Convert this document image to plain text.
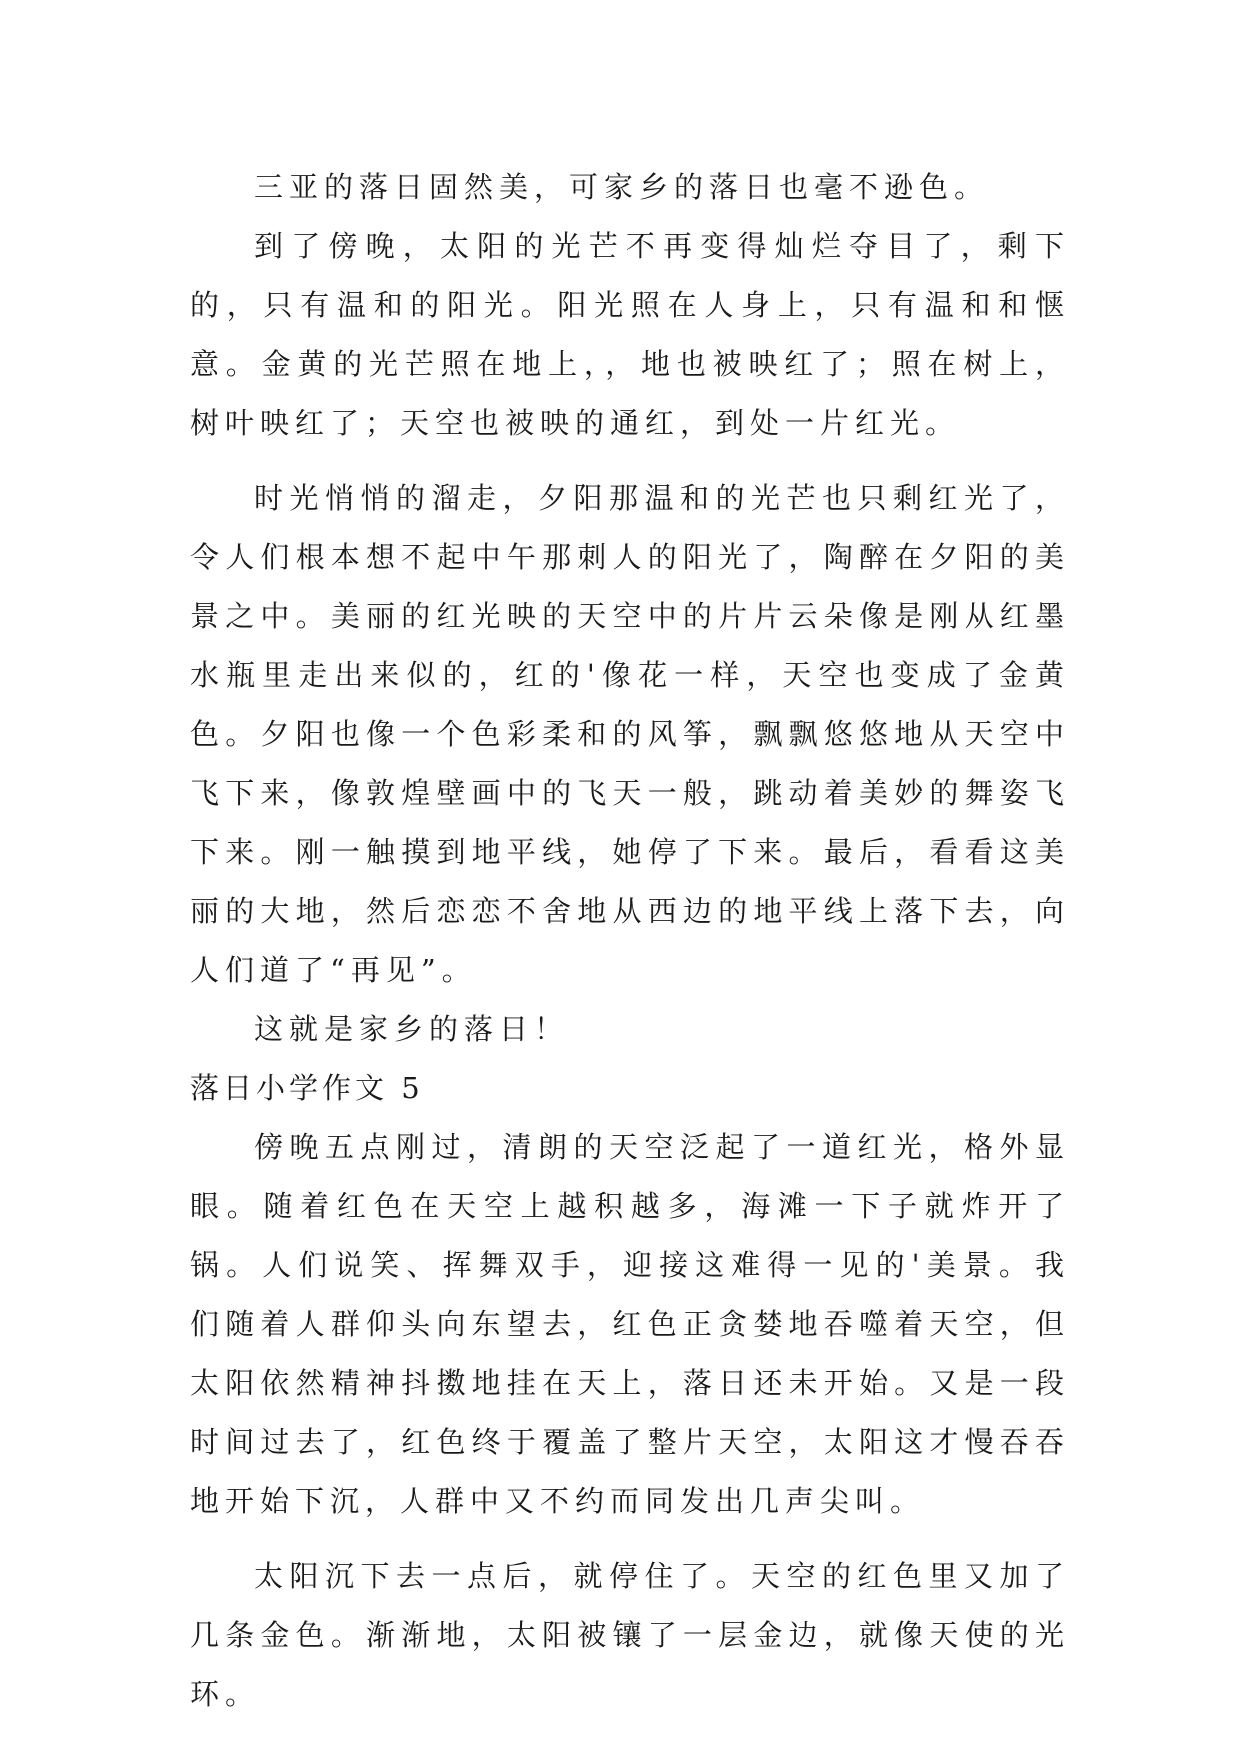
三亚的落日固然美，可家乡的落日也毫不逊色。

到了傍晚，太阳的光芒不再变得灿烂夺目了，剩下的，只有温和的阳光。阳光照在人身上，只有温和和惬意。金黄的光芒照在地上，，地也被映红了；照在树上，树叶映红了；天空也被映的通红，到处一片红光。

时光悄悄的溜走，夕阳那温和的光芒也只剩红光了，令人们根本想不起中午那刺人的阳光了，陶醉在夕阳的美景之中。美丽的红光映的天空中的片片云朵像是刚从红墨水瓶里走出来似的，红的'像花一样，天空也变成了金黄色。夕阳也像一个色彩柔和的风筝，飘飘悠悠地从天空中飞下来，像敦煌壁画中的飞天一般，跳动着美妙的舞姿飞下来。刚一触摸到地平线，她停了下来。最后，看看这美丽的大地，然后恋恋不舍地从西边的地平线上落下去，向人们道了“再见”。

这就是家乡的落日！

落日小学作文 5

傍晚五点刚过，清朗的天空泛起了一道红光，格外显眼。随着红色在天空上越积越多，海滩一下子就炸开了锅。人们说笑、挥舞双手，迎接这难得一见的'美景。我们随着人群仰头向东望去，红色正贪婪地吞噬着天空，但太阳依然精神抖擞地挂在天上，落日还未开始。又是一段时间过去了，红色终于覆盖了整片天空，太阳这才慢吞吞地开始下沉，人群中又不约而同发出几声尖叫。

太阳沉下去一点后，就停住了。天空的红色里又加了几条金色。渐渐地，太阳被镶了一层金边，就像天使的光环。
